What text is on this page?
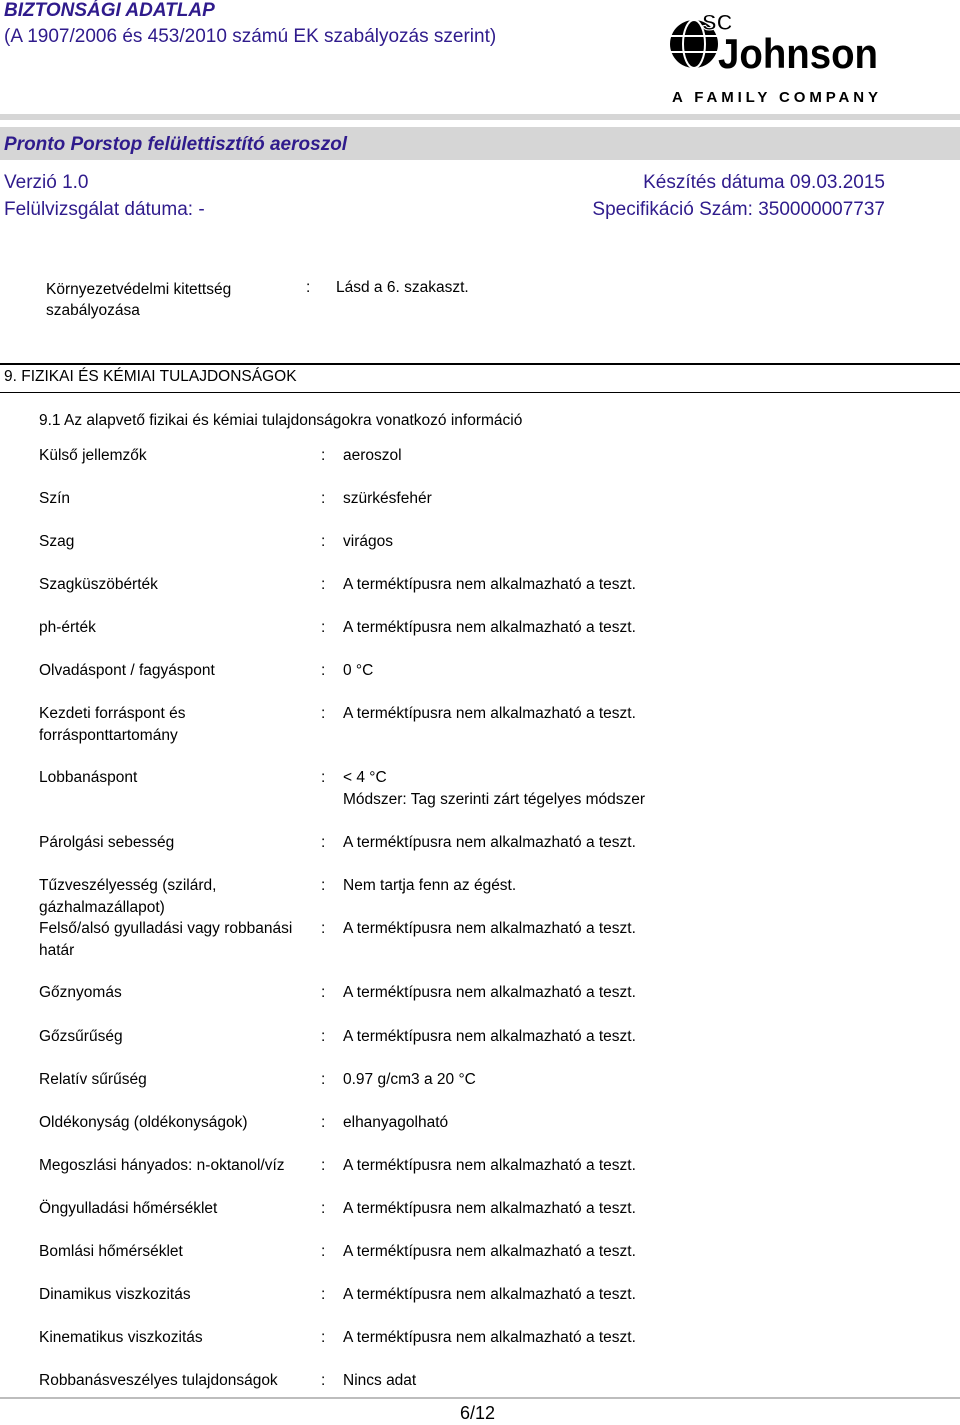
BIZTONSÁGI ADATLAP
(A 1907/2006 és 453/2010 számú EK szabályozás szerint)
SC
Johnson
A FAMILY COMPANY
Pronto Porstop felülettisztító aeroszol
Verzió 1.0	Készítés dátuma 09.03.2015
Felülvizsgálat dátuma: -	Specifikáció Szám: 350000007737
Környezetvédelmi kitettség szabályozása
: Lásd a 6. szakaszt.
9. FIZIKAI ÉS KÉMIAI TULAJDONSÁGOK
9.1 Az alapvető fizikai és kémiai tulajdonságokra vonatkozó információ
Külső jellemzők	: aeroszol
Szín	: szürkésfehér
Szag	: virágos
Szagküszöbérték	: A terméktípusra nem alkalmazható a teszt.
ph-érték	: A terméktípusra nem alkalmazható a teszt.
Olvadáspont / fagyáspont	: 0 °C
Kezdeti forráspont és forrásponttartomány
: A terméktípusra nem alkalmazható a teszt.
Lobbanáspont	: < 4 °C
Módszer: Tag szerinti zárt tégelyes módszer
Párolgási sebesség	: A terméktípusra nem alkalmazható a teszt.
Tűzveszélyesség (szilárd, gázhalmazállapot)
: Nem tartja fenn az égést.
Felső/alsó gyulladási vagy robbanási határ
: A terméktípusra nem alkalmazható a teszt.
Gőznyomás	: A terméktípusra nem alkalmazható a teszt.
Gőzsűrűség	: A terméktípusra nem alkalmazható a teszt.
Relatív sűrűség	: 0.97 g/cm3 a 20 °C
Oldékonyság (oldékonyságok)	: elhanyagolható
Megoszlási hányados: n-oktanol/víz	: A terméktípusra nem alkalmazható a teszt.
Öngyulladási hőmérséklet	: A terméktípusra nem alkalmazható a teszt.
Bomlási hőmérséklet	: A terméktípusra nem alkalmazható a teszt.
Dinamikus viszkozitás	: A terméktípusra nem alkalmazható a teszt.
Kinematikus viszkozitás	: A terméktípusra nem alkalmazható a teszt.
Robbanásveszélyes tulajdonságok	: Nincs adat
6/12
